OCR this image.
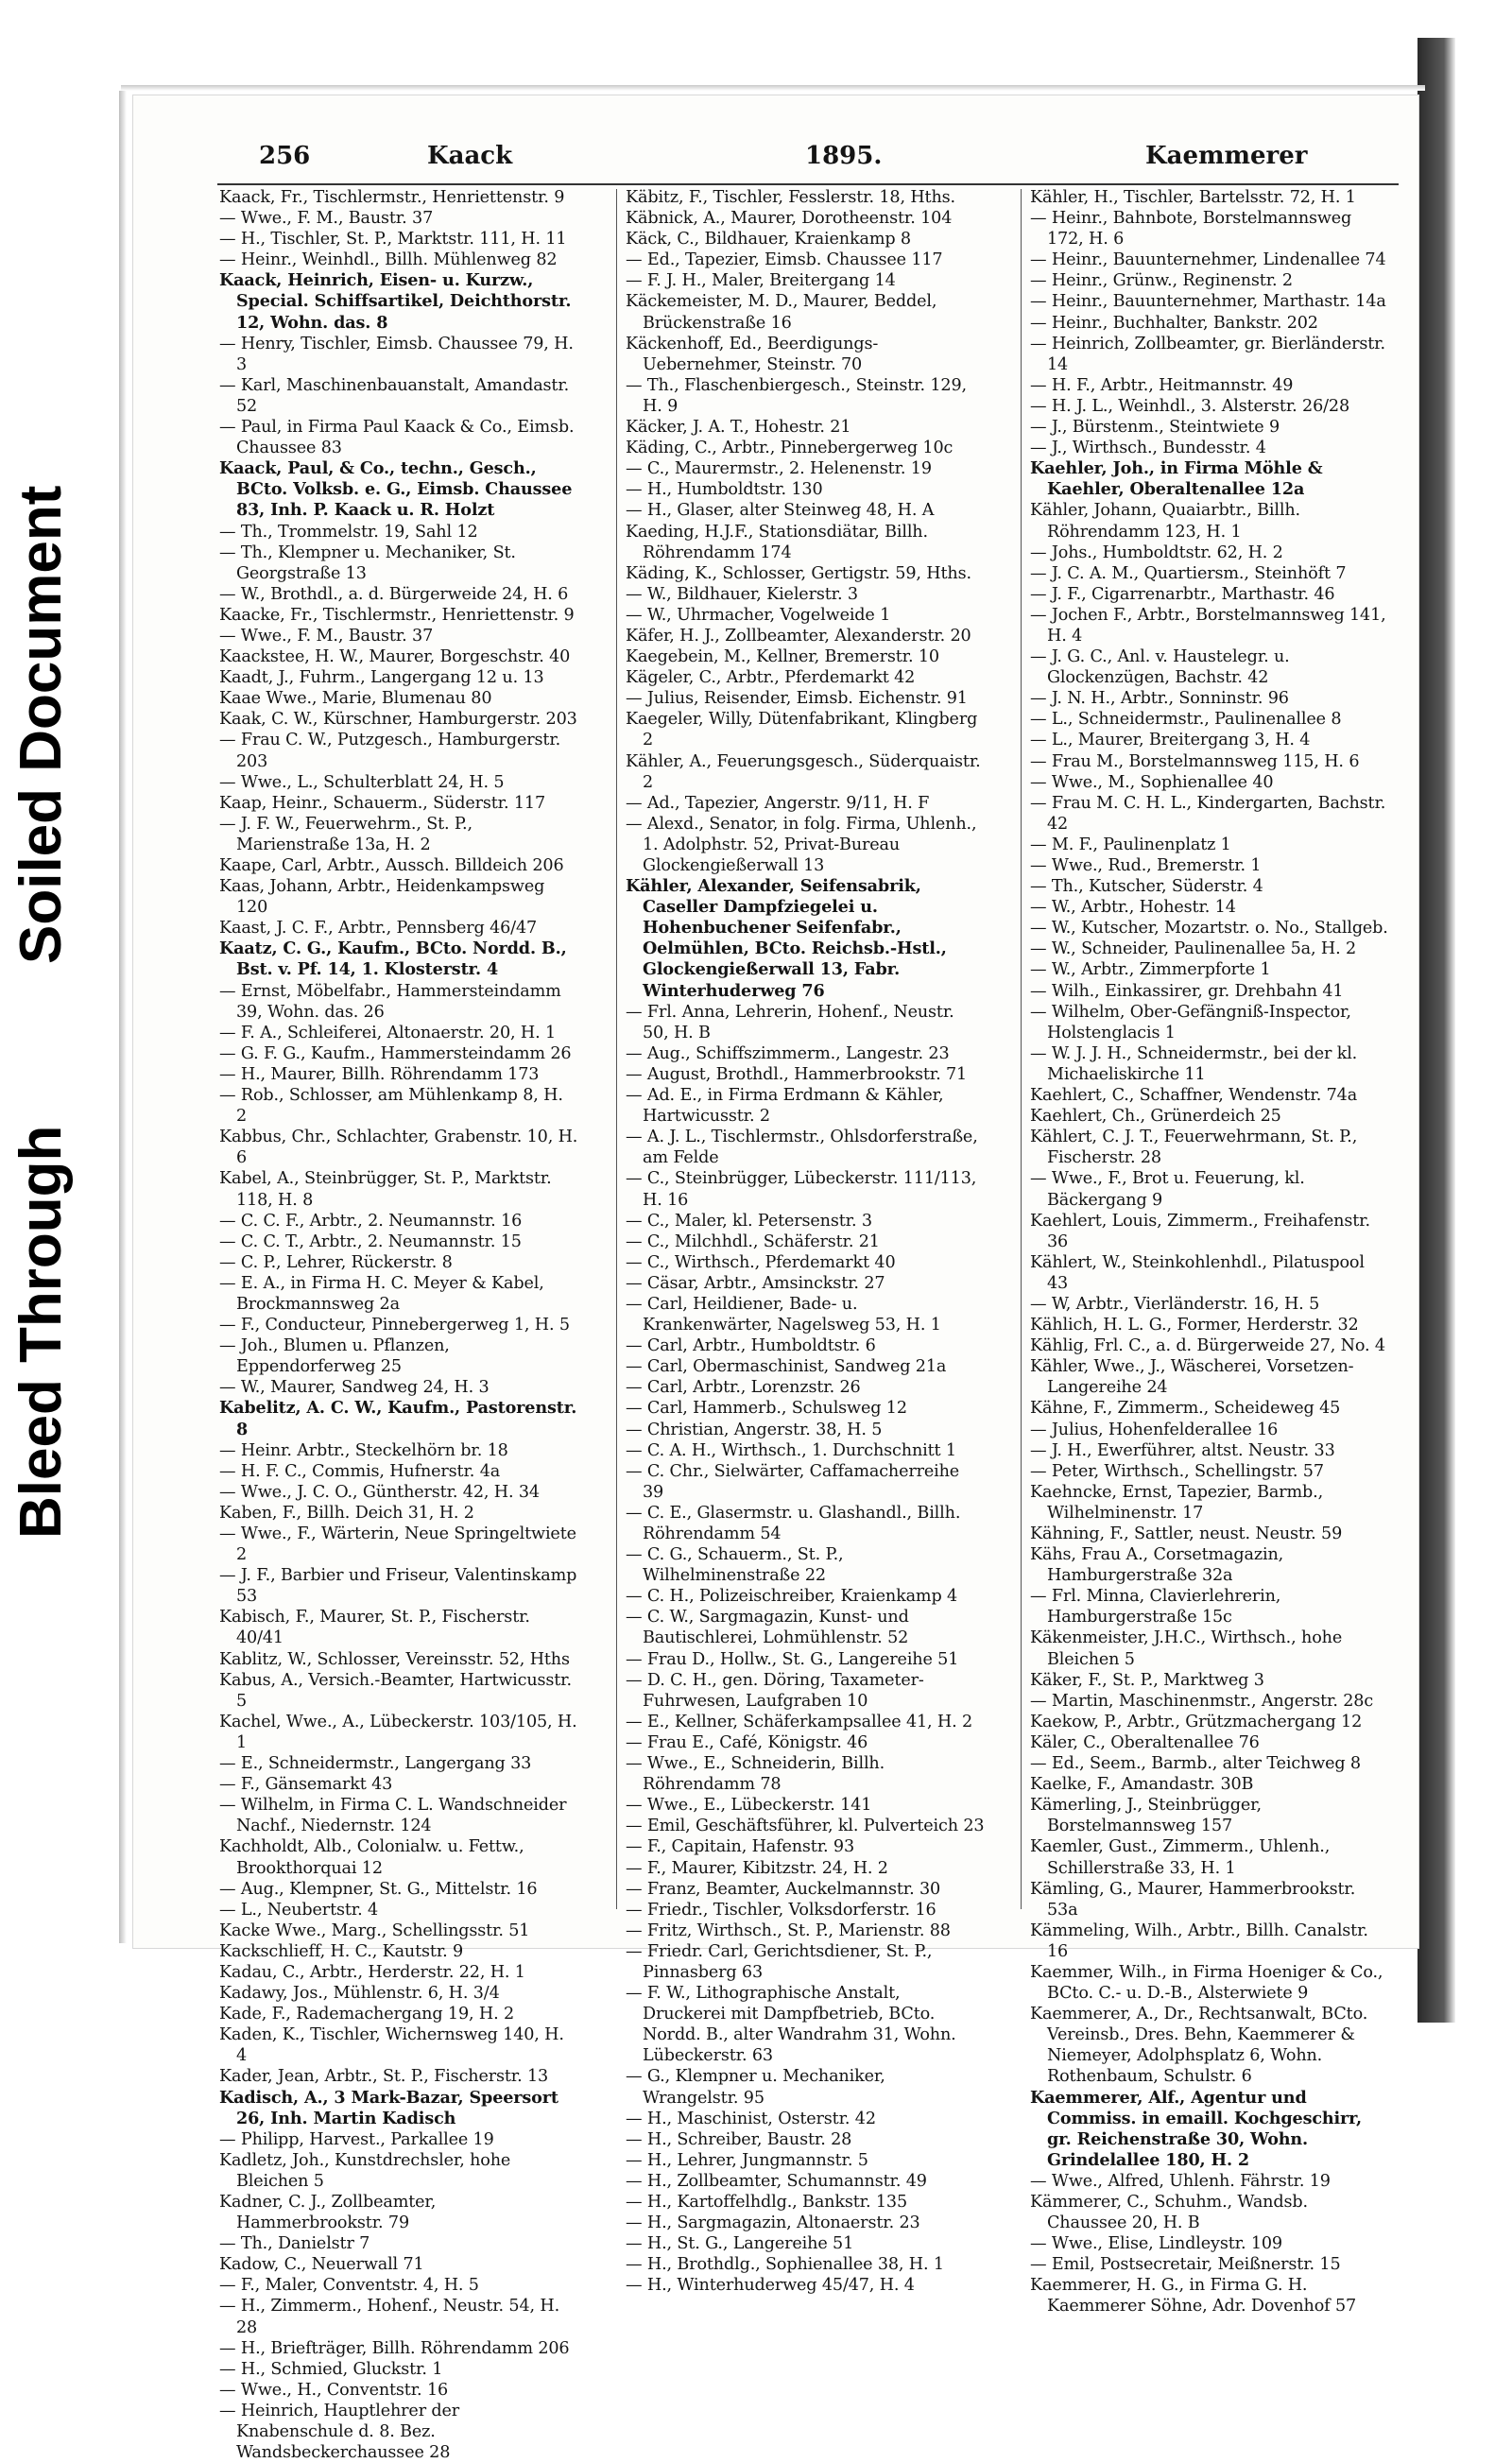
Bleed Through
Soiled Document
256	Kaack	1895.	Kaemmerer

Kaack, Fr., Tischlermstr., Henriettenstr. 9

— Wwe., F. M., Baustr. 37

— H., Tischler, St. P., Marktstr. 111, H. 11

— Heinr., Weinhdl., Billh. Mühlenweg 82

Kaack, Heinrich, Eisen- u. Kurzw., Special. Schiffsartikel, Deichthorstr. 12, Wohn. das. 8

— Henry, Tischler, Eimsb. Chaussee 79, H. 3

— Karl, Maschinenbauanstalt, Amandastr. 52

— Paul, in Firma Paul Kaack & Co., Eimsb. Chaussee 83

Kaack, Paul, & Co., techn., Gesch., BCto. Volksb. e. G., Eimsb. Chaussee 83, Inh. P. Kaack u. R. Holzt

— Th., Trommelstr. 19, Sahl 12

— Th., Klempner u. Mechaniker, St. Georgstraße 13

— W., Brothdl., a. d. Bürgerweide 24, H. 6

Kaacke, Fr., Tischlermstr., Henriettenstr. 9

— Wwe., F. M., Baustr. 37

Kaackstee, H. W., Maurer, Borgeschstr. 40

Kaadt, J., Fuhrm., Langergang 12 u. 13

Kaae Wwe., Marie, Blumenau 80

Kaak, C. W., Kürschner, Hamburgerstr. 203

— Frau C. W., Putzgesch., Hamburgerstr. 203

— Wwe., L., Schulterblatt 24, H. 5

Kaap, Heinr., Schauerm., Süderstr. 117

— J. F. W., Feuerwehrm., St. P., Marienstraße 13a, H. 2

Kaape, Carl, Arbtr., Aussch. Billdeich 206

Kaas, Johann, Arbtr., Heidenkampsweg 120

Kaast, J. C. F., Arbtr., Pennsberg 46/47

Kaatz, C. G., Kaufm., BCto. Nordd. B., Bst. v. Pf. 14, 1. Klosterstr. 4

— Ernst, Möbelfabr., Hammersteindamm 39, Wohn. das. 26

— F. A., Schleiferei, Altonaerstr. 20, H. 1

— G. F. G., Kaufm., Hammersteindamm 26

— H., Maurer, Billh. Röhrendamm 173

— Rob., Schlosser, am Mühlenkamp 8, H. 2

Kabbus, Chr., Schlachter, Grabenstr. 10, H. 6

Kabel, A., Steinbrügger, St. P., Marktstr. 118, H. 8

— C. C. F., Arbtr., 2. Neumannstr. 16

— C. C. T., Arbtr., 2. Neumannstr. 15

— C. P., Lehrer, Rückerstr. 8

— E. A., in Firma H. C. Meyer & Kabel, Brockmannsweg 2a

— F., Conducteur, Pinnebergerweg 1, H. 5

— Joh., Blumen u. Pflanzen, Eppendorferweg 25

— W., Maurer, Sandweg 24, H. 3

Kabelitz, A. C. W., Kaufm., Pastorenstr. 8

— Heinr. Arbtr., Steckelhörn br. 18

— H. F. C., Commis, Hufnerstr. 4a

— Wwe., J. C. O., Güntherstr. 42, H. 34

Kaben, F., Billh. Deich 31, H. 2

— Wwe., F., Wärterin, Neue Springeltwiete 2

— J. F., Barbier und Friseur, Valentinskamp 53

Kabisch, F., Maurer, St. P., Fischerstr. 40/41

Kablitz, W., Schlosser, Vereinsstr. 52, Hths

Kabus, A., Versich.-Beamter, Hartwicusstr. 5

Kachel, Wwe., A., Lübeckerstr. 103/105, H. 1

— E., Schneidermstr., Langergang 33

— F., Gänsemarkt 43

— Wilhelm, in Firma C. L. Wandschneider Nachf., Niedernstr. 124

Kachholdt, Alb., Colonialw. u. Fettw., Brookthorquai 12

— Aug., Klempner, St. G., Mittelstr. 16

— L., Neubertstr. 4

Kacke Wwe., Marg., Schellingsstr. 51

Kackschlieff, H. C., Kautstr. 9

Kadau, C., Arbtr., Herderstr. 22, H. 1

Kadawy, Jos., Mühlenstr. 6, H. 3/4

Kade, F., Rademachergang 19, H. 2

Kaden, K., Tischler, Wichernsweg 140, H. 4

Kader, Jean, Arbtr., St. P., Fischerstr. 13

Kadisch, A., 3 Mark-Bazar, Speersort 26, Inh. Martin Kadisch

— Philipp, Harvest., Parkallee 19

Kadletz, Joh., Kunstdrechsler, hohe Bleichen 5

Kadner, C. J., Zollbeamter, Hammerbrookstr. 79

— Th., Danielstr 7

Kadow, C., Neuerwall 71

— F., Maler, Conventstr. 4, H. 5

— H., Zimmerm., Hohenf., Neustr. 54, H. 28

— H., Briefträger, Billh. Röhrendamm 206

— H., Schmied, Gluckstr. 1

— Wwe., H., Conventstr. 16

— Heinrich, Hauptlehrer der Knabenschule d. 8. Bez. Wandsbeckerchaussee 28

Käbitz, F., Tischler, Fesslerstr. 18, Hths.

Käbnick, A., Maurer, Dorotheenstr. 104

Käck, C., Bildhauer, Kraienkamp 8

— Ed., Tapezier, Eimsb. Chaussee 117

— F. J. H., Maler, Breitergang 14

Käckemeister, M. D., Maurer, Beddel, Brückenstraße 16

Käckenhoff, Ed., Beerdigungs-Uebernehmer, Steinstr. 70

— Th., Flaschenbiergesch., Steinstr. 129, H. 9

Käcker, J. A. T., Hohestr. 21

Käding, C., Arbtr., Pinnebergerweg 10c

— C., Maurermstr., 2. Helenenstr. 19

— H., Humboldtstr. 130

— H., Glaser, alter Steinweg 48, H. A

Kaeding, H.J.F., Stationsdiätar, Billh. Röhrendamm 174

Käding, K., Schlosser, Gertigstr. 59, Hths.

— W., Bildhauer, Kielerstr. 3

— W., Uhrmacher, Vogelweide 1

Käfer, H. J., Zollbeamter, Alexanderstr. 20

Kaegebein, M., Kellner, Bremerstr. 10

Kägeler, C., Arbtr., Pferdemarkt 42

— Julius, Reisender, Eimsb. Eichenstr. 91

Kaegeler, Willy, Dütenfabrikant, Klingberg 2

Kähler, A., Feuerungsgesch., Süderquaistr. 2

— Ad., Tapezier, Angerstr. 9/11, H. F

— Alexd., Senator, in folg. Firma, Uhlenh., 1. Adolphstr. 52, Privat-Bureau Glockengießerwall 13

Kähler, Alexander, Seifensabrik, Caseller Dampfziegelei u. Hohenbuchener Seifenfabr., Oelmühlen, BCto. Reichsb.-Hstl., Glockengießerwall 13, Fabr. Winterhuderweg 76

— Frl. Anna, Lehrerin, Hohenf., Neustr. 50, H. B

— Aug., Schiffszimmerm., Langestr. 23

— August, Brothdl., Hammerbrookstr. 71

— Ad. E., in Firma Erdmann & Kähler, Hartwicusstr. 2

— A. J. L., Tischlermstr., Ohlsdorferstraße, am Felde

— C., Steinbrügger, Lübeckerstr. 111/113, H. 16

— C., Maler, kl. Petersenstr. 3

— C., Milchhdl., Schäferstr. 21

— C., Wirthsch., Pferdemarkt 40

— Cäsar, Arbtr., Amsinckstr. 27

— Carl, Heildiener, Bade- u. Krankenwärter, Nagelsweg 53, H. 1

— Carl, Arbtr., Humboldtstr. 6

— Carl, Obermaschinist, Sandweg 21a

— Carl, Arbtr., Lorenzstr. 26

— Carl, Hammerb., Schulsweg 12

— Christian, Angerstr. 38, H. 5

— C. A. H., Wirthsch., 1. Durchschnitt 1

— C. Chr., Sielwärter, Caffamacherreihe 39

— C. E., Glasermstr. u. Glashandl., Billh. Röhrendamm 54

— C. G., Schauerm., St. P., Wilhelminenstraße 22

— C. H., Polizeischreiber, Kraienkamp 4

— C. W., Sargmagazin, Kunst- und Bautischlerei, Lohmühlenstr. 52

— Frau D., Hollw., St. G., Langereihe 51

— D. C. H., gen. Döring, Taxameter-Fuhrwesen, Laufgraben 10

— E., Kellner, Schäferkampsallee 41, H. 2

— Frau E., Café, Königstr. 46

— Wwe., E., Schneiderin, Billh. Röhrendamm 78

— Wwe., E., Lübeckerstr. 141

— Emil, Geschäftsführer, kl. Pulverteich 23

— F., Capitain, Hafenstr. 93

— F., Maurer, Kibitzstr. 24, H. 2

— Franz, Beamter, Auckelmannstr. 30

— Friedr., Tischler, Volksdorferstr. 16

— Fritz, Wirthsch., St. P., Marienstr. 88

— Friedr. Carl, Gerichtsdiener, St. P., Pinnasberg 63

— F. W., Lithographische Anstalt, Druckerei mit Dampfbetrieb, BCto. Nordd. B., alter Wandrahm 31, Wohn. Lübeckerstr. 63

— G., Klempner u. Mechaniker, Wrangelstr. 95

— H., Maschinist, Osterstr. 42

— H., Schreiber, Baustr. 28

— H., Lehrer, Jungmannstr. 5

— H., Zollbeamter, Schumannstr. 49

— H., Kartoffelhdlg., Bankstr. 135

— H., Sargmagazin, Altonaerstr. 23

— H., St. G., Langereihe 51

— H., Brothdlg., Sophienallee 38, H. 1

— H., Winterhuderweg 45/47, H. 4

Kähler, H., Tischler, Bartelsstr. 72, H. 1

— Heinr., Bahnbote, Borstelmannsweg 172, H. 6

— Heinr., Bauunternehmer, Lindenallee 74

— Heinr., Grünw., Reginenstr. 2

— Heinr., Bauunternehmer, Marthastr. 14a

— Heinr., Buchhalter, Bankstr. 202

— Heinrich, Zollbeamter, gr. Bierländerstr. 14

— H. F., Arbtr., Heitmannstr. 49

— H. J. L., Weinhdl., 3. Alsterstr. 26/28

— J., Bürstenm., Steintwiete 9

— J., Wirthsch., Bundesstr. 4

Kaehler, Joh., in Firma Möhle & Kaehler, Oberaltenallee 12a

Kähler, Johann, Quaiarbtr., Billh. Röhrendamm 123, H. 1

— Johs., Humboldtstr. 62, H. 2

— J. C. A. M., Quartiersm., Steinhöft 7

— J. F., Cigarrenarbtr., Marthastr. 46

— Jochen F., Arbtr., Borstelmannsweg 141, H. 4

— J. G. C., Anl. v. Haustelegr. u. Glockenzügen, Bachstr. 42

— J. N. H., Arbtr., Sonninstr. 96

— L., Schneidermstr., Paulinenallee 8

— L., Maurer, Breitergang 3, H. 4

— Frau M., Borstelmannsweg 115, H. 6

— Wwe., M., Sophienallee 40

— Frau M. C. H. L., Kindergarten, Bachstr. 42

— M. F., Paulinenplatz 1

— Wwe., Rud., Bremerstr. 1

— Th., Kutscher, Süderstr. 4

— W., Arbtr., Hohestr. 14

— W., Kutscher, Mozartstr. o. No., Stallgeb.

— W., Schneider, Paulinenallee 5a, H. 2

— W., Arbtr., Zimmerpforte 1

— Wilh., Einkassirer, gr. Drehbahn 41

— Wilhelm, Ober-Gefängniß-Inspector, Holstenglacis 1

— W. J. J. H., Schneidermstr., bei der kl. Michaeliskirche 11

Kaehlert, C., Schaffner, Wendenstr. 74a

Kaehlert, Ch., Grünerdeich 25

Kählert, C. J. T., Feuerwehrmann, St. P., Fischerstr. 28

— Wwe., F., Brot u. Feuerung, kl. Bäckergang 9

Kaehlert, Louis, Zimmerm., Freihafenstr. 36

Kählert, W., Steinkohlenhdl., Pilatuspool 43

— W, Arbtr., Vierländerstr. 16, H. 5

Kählich, H. L. G., Former, Herderstr. 32

Kählig, Frl. C., a. d. Bürgerweide 27, No. 4

Kähler, Wwe., J., Wäscherei, Vorsetzen-Langereihe 24

Kähne, F., Zimmerm., Scheideweg 45

— Julius, Hohenfelderallee 16

— J. H., Ewerführer, altst. Neustr. 33

— Peter, Wirthsch., Schellingstr. 57

Kaehncke, Ernst, Tapezier, Barmb., Wilhelminenstr. 17

Kähning, F., Sattler, neust. Neustr. 59

Kähs, Frau A., Corsetmagazin, Hamburgerstraße 32a

— Frl. Minna, Clavierlehrerin, Hamburgerstraße 15c

Käkenmeister, J.H.C., Wirthsch., hohe Bleichen 5

Käker, F., St. P., Marktweg 3

— Martin, Maschinenmstr., Angerstr. 28c

Kaekow, P., Arbtr., Grützmachergang 12

Käler, C., Oberaltenallee 76

— Ed., Seem., Barmb., alter Teichweg 8

Kaelke, F., Amandastr. 30B

Kämerling, J., Steinbrügger, Borstelmannsweg 157

Kaemler, Gust., Zimmerm., Uhlenh., Schillerstraße 33, H. 1

Kämling, G., Maurer, Hammerbrookstr. 53a

Kämmeling, Wilh., Arbtr., Billh. Canalstr. 16

Kaemmer, Wilh., in Firma Hoeniger & Co., BCto. C.- u. D.-B., Alsterwiete 9

Kaemmerer, A., Dr., Rechtsanwalt, BCto. Vereinsb., Dres. Behn, Kaemmerer & Niemeyer, Adolphsplatz 6, Wohn. Rothenbaum, Schulstr. 6

Kaemmerer, Alf., Agentur und Commiss. in emaill. Kochgeschirr, gr. Reichenstraße 30, Wohn. Grindelallee 180, H. 2

— Wwe., Alfred, Uhlenh. Fährstr. 19

Kämmerer, C., Schuhm., Wandsb. Chaussee 20, H. B

— Wwe., Elise, Lindleystr. 109

— Emil, Postsecretair, Meißnerstr. 15

Kaemmerer, H. G., in Firma G. H. Kaemmerer Söhne, Adr. Dovenhof 57
